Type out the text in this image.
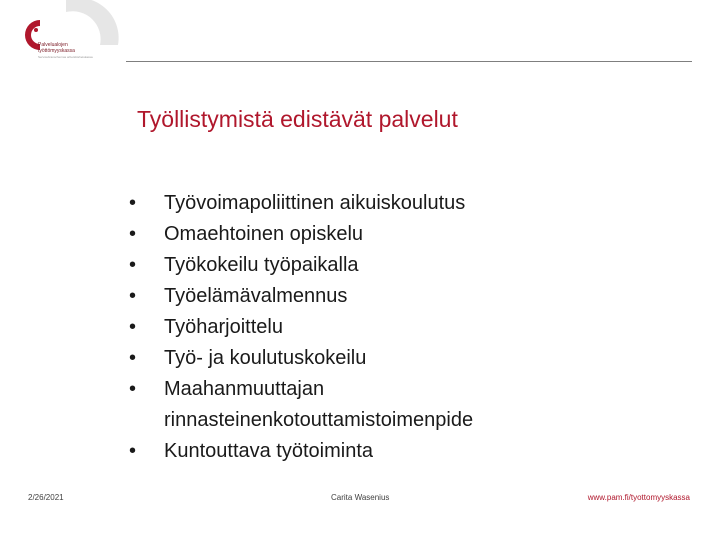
Palvelualojen
työttömyyskassa
Servicebranschernas arbetslöshetskassa
Työllistymistä edistävät palvelut
• Työvoimapoliittinen aikuiskoulutus
• Omaehtoinen opiskelu
• Työkokeilu työpaikalla
• Työelämävalmennus
• Työharjoittelu
• Työ- ja koulutuskokeilu
• Maahanmuuttajan
rinnasteinenkotouttamistoimenpide
• Kuntouttava työtoiminta
2/26/2021	Carita Wasenius	www.pam.fi/tyottomyyskassa
